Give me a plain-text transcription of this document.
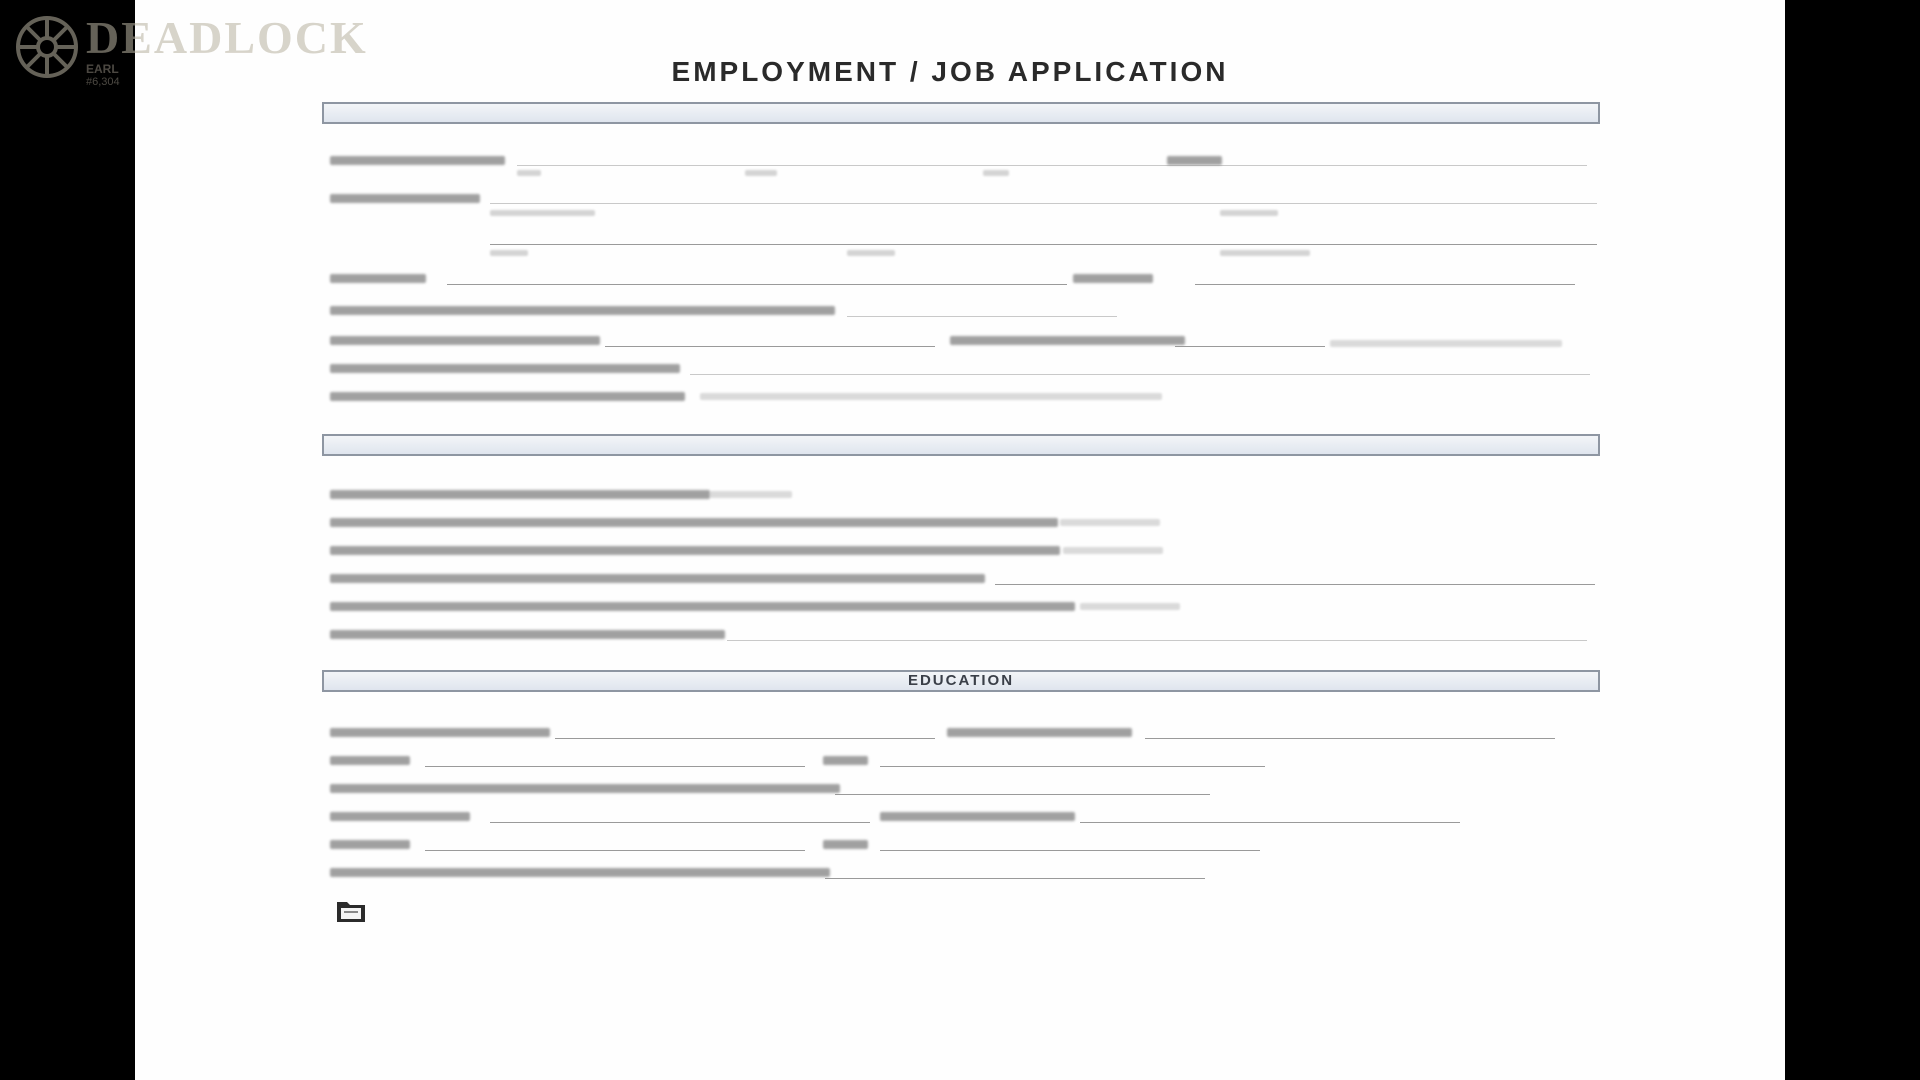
DEADLOCK
EARL
#6,304	EMPLOYMENT / JOB APPLICATION
EDUCATION
